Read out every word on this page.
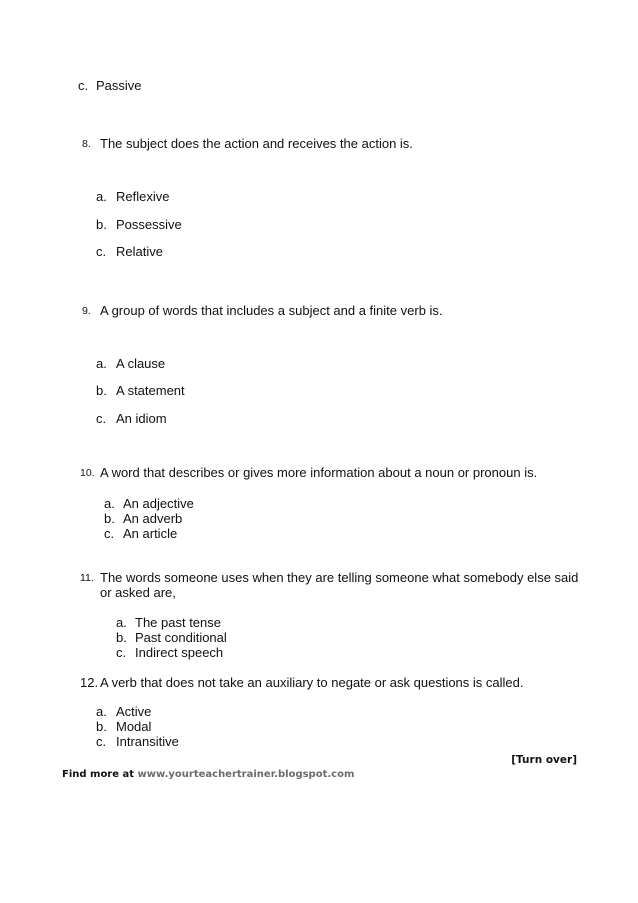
c. Passive
8. The subject does the action and receives the action is.
a. Reflexive
b. Possessive
c. Relative
9. A group of words that includes a subject and a finite verb is.
a. A clause
b. A statement
c. An idiom
10. A word that describes or gives more information about a noun or pronoun is.
a. An adjective
b. An adverb
c. An article
11. The words someone uses when they are telling someone what somebody else said
or asked are,
a. The past tense
b. Past conditional
c. Indirect speech
12. A verb that does not take an auxiliary to negate or ask questions is called.
a. Active
b. Modal
c. Intransitive
[Turn over]
Find more at www.yourteachertrainer.blogspot.com
